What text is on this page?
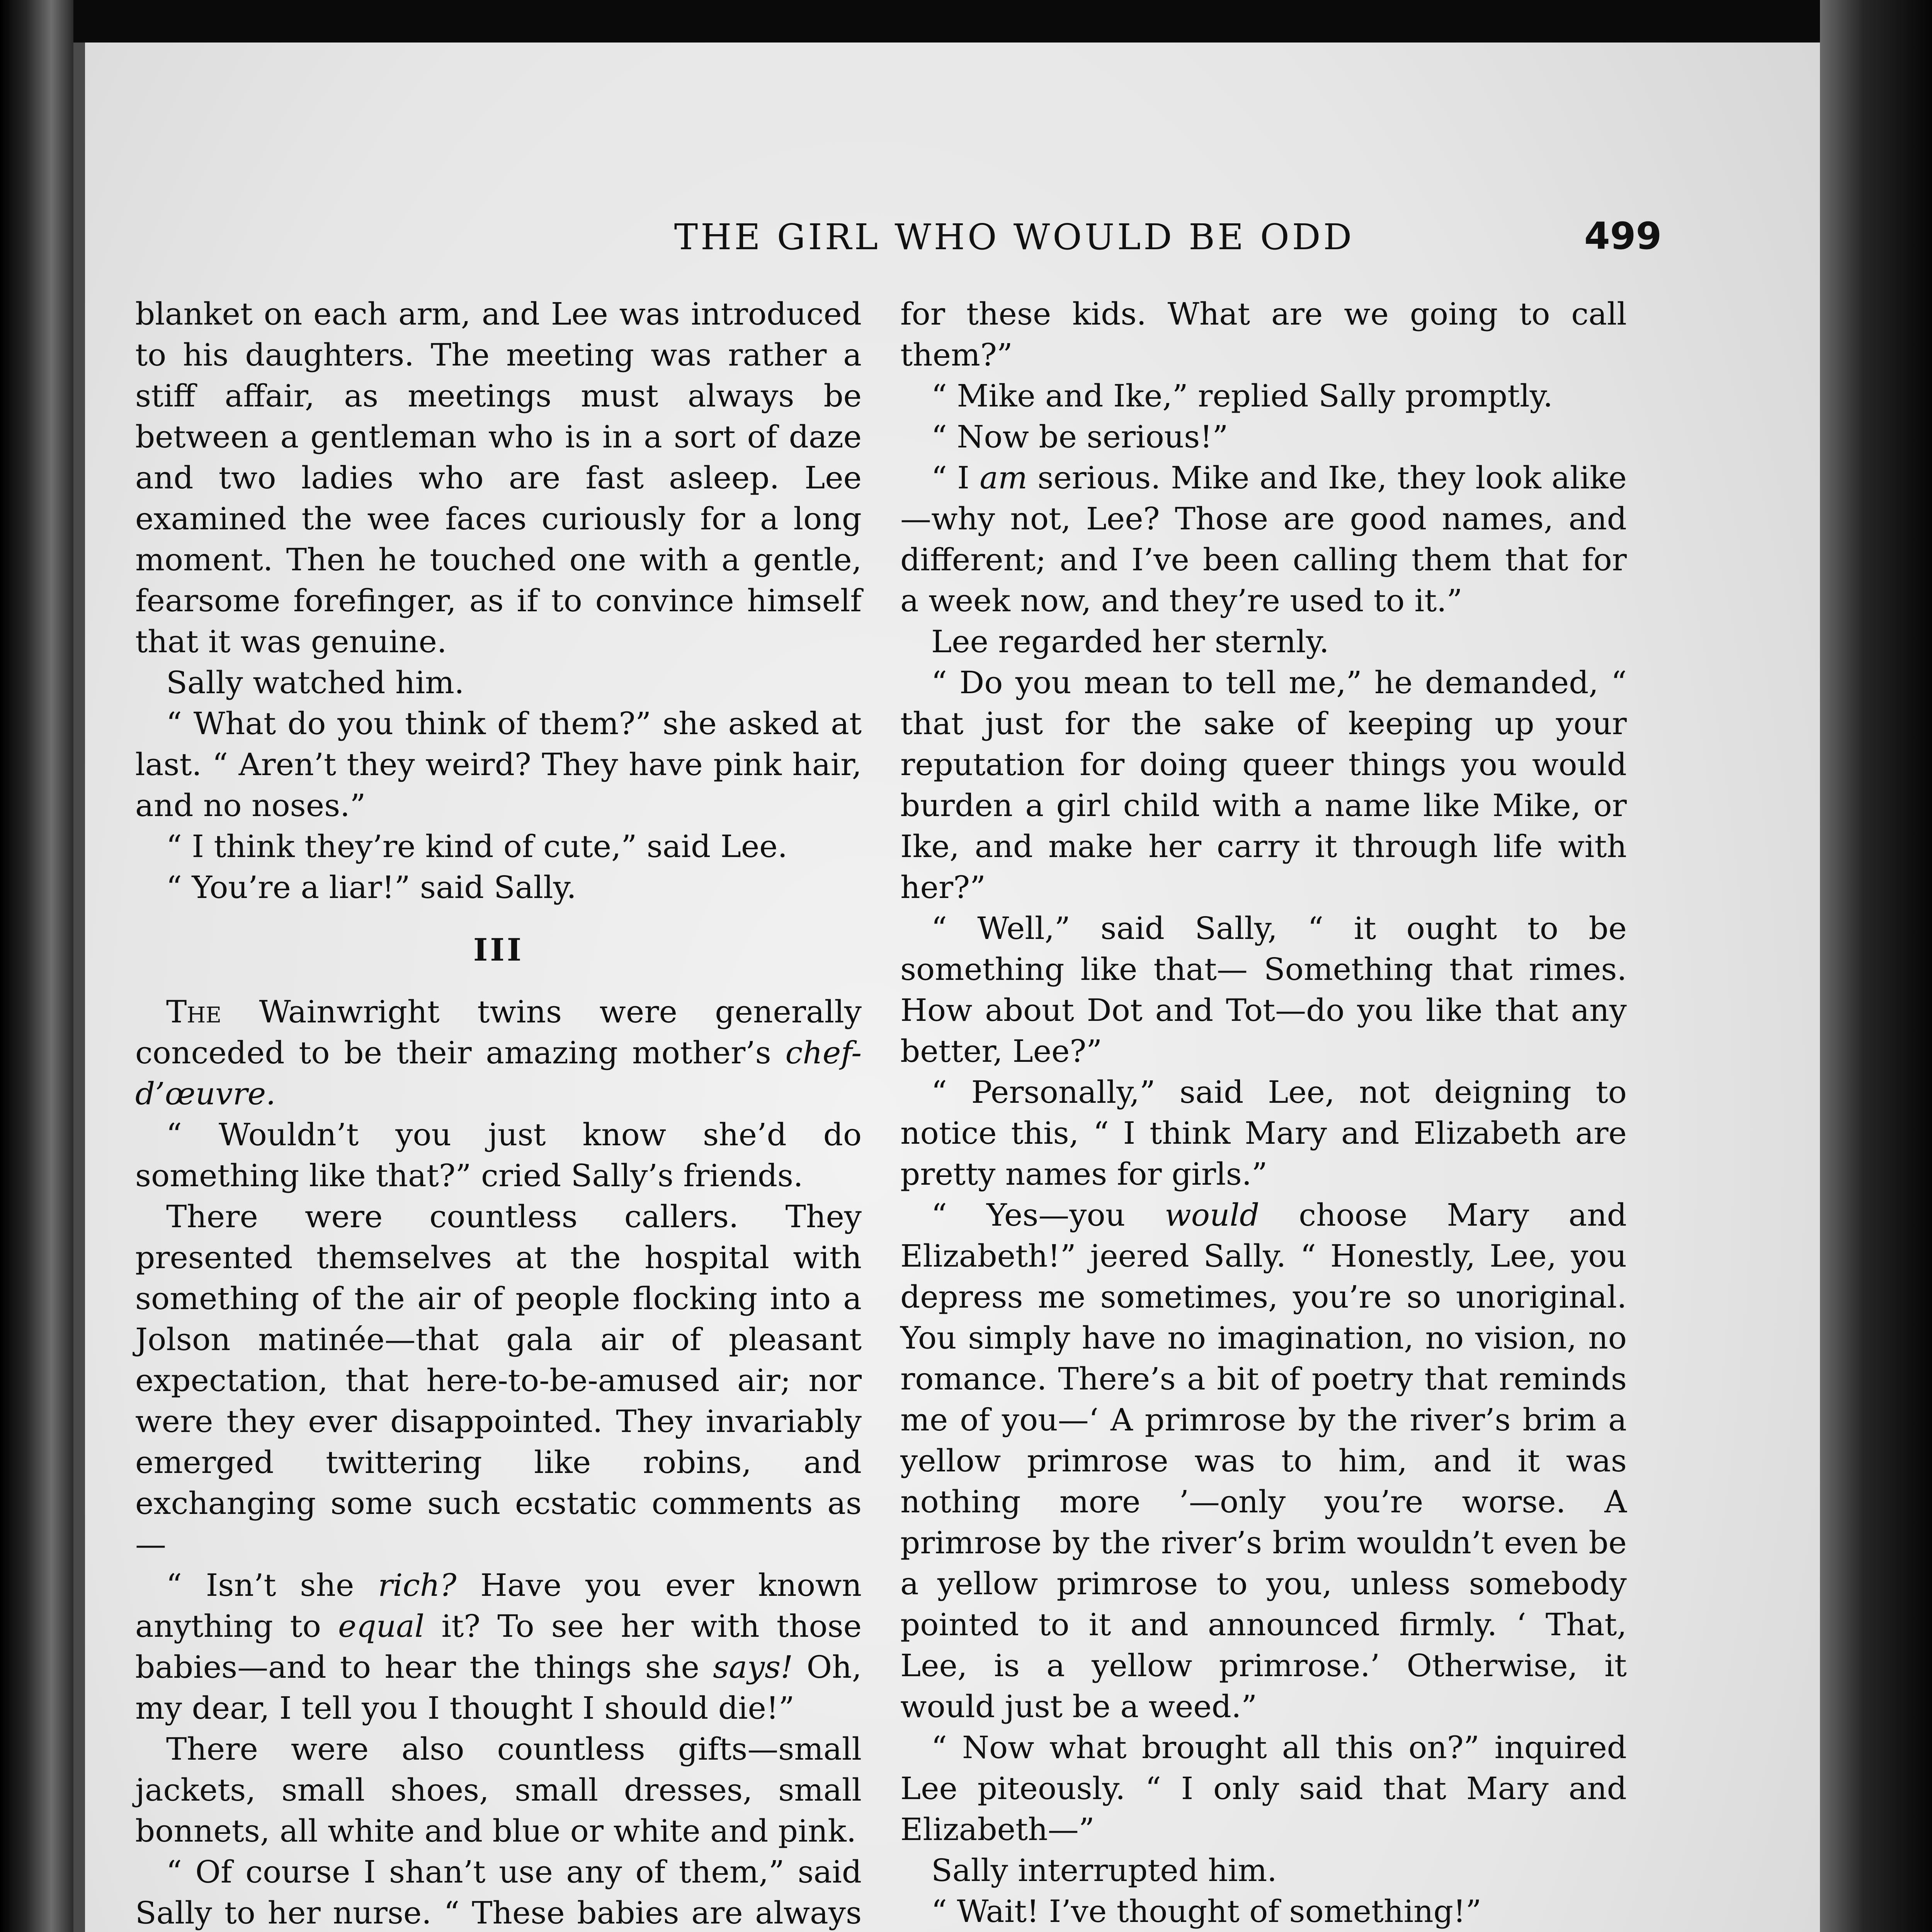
THE GIRL WHO WOULD BE ODD	499

blanket on each arm, and Lee was introduced to his daughters. The meeting was rather a stiff affair, as meetings must always be between a gentleman who is in a sort of daze and two ladies who are fast asleep. Lee examined the wee faces curiously for a long moment. Then he touched one with a gentle, fearsome forefinger, as if to convince himself that it was genuine.

Sally watched him.

“ What do you think of them?” she asked at last. “ Aren’t they weird? They have pink hair, and no noses.”

“ I think they’re kind of cute,” said Lee.

“ You’re a liar!” said Sally.

III

The Wainwright twins were generally conceded to be their amazing mother’s chef-d’œuvre.

“ Wouldn’t you just know she’d do something like that?” cried Sally’s friends.

There were countless callers. They presented themselves at the hospital with something of the air of people flocking into a Jolson matinée—that gala air of pleasant expectation, that here-to-be-amused air; nor were they ever disappointed. They invariably emerged twittering like robins, and exchanging some such ecstatic comments as—

“ Isn’t she rich? Have you ever known anything to equal it? To see her with those babies—and to hear the things she says! Oh, my dear, I tell you I thought I should die!”

There were also countless gifts—small jackets, small shoes, small dresses, small bonnets, all white and blue or white and pink.

“ Of course I shan’t use any of them,” said Sally to her nurse. “ These babies are always

for these kids. What are we going to call them?”

“ Mike and Ike,” replied Sally promptly.

“ Now be serious!”

“ I am serious. Mike and Ike, they look alike—why not, Lee? Those are good names, and different; and I’ve been calling them that for a week now, and they’re used to it.”

Lee regarded her sternly.

“ Do you mean to tell me,” he demanded, “ that just for the sake of keeping up your reputation for doing queer things you would burden a girl child with a name like Mike, or Ike, and make her carry it through life with her?”

“ Well,” said Sally, “ it ought to be something like that— Something that rimes. How about Dot and Tot—do you like that any better, Lee?”

“ Personally,” said Lee, not deigning to notice this, “ I think Mary and Elizabeth are pretty names for girls.”

“ Yes—you would choose Mary and Elizabeth!” jeered Sally. “ Honestly, Lee, you depress me sometimes, you’re so unoriginal. You simply have no imagination, no vision, no romance. There’s a bit of poetry that reminds me of you—‘ A primrose by the river’s brim a yellow primrose was to him, and it was nothing more ’—only you’re worse. A primrose by the river’s brim wouldn’t even be a yellow primrose to you, unless somebody pointed to it and announced firmly. ‘ That, Lee, is a yellow primrose.’ Otherwise, it would just be a weed.”

“ Now what brought all this on?” inquired Lee piteously. “ I only said that Mary and Elizabeth—”

Sally interrupted him.

“ Wait! I’ve thought of something!”
